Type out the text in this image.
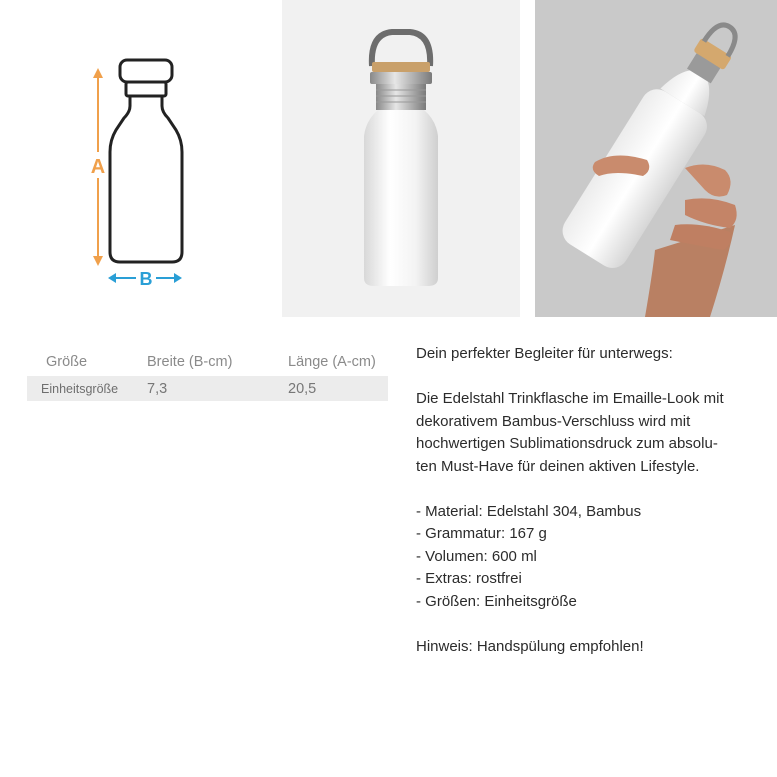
A
B
Größe	Breite (B-cm)	Länge (A-cm)
Einheitsgröße	7,3	20,5

Dein perfekter Begleiter für unterwegs:

Die Edelstahl Trinkflasche im Emaille-Look mit

dekorativem Bambus-Verschluss wird mit

hochwertigen Sublimationsdruck zum absolu-

ten Must-Have für deinen aktiven Lifestyle.

- Material: Edelstahl 304, Bambus

- Grammatur: 167 g

- Volumen: 600 ml

- Extras: rostfrei

- Größen: Einheitsgröße

Hinweis: Handspülung empfohlen!
